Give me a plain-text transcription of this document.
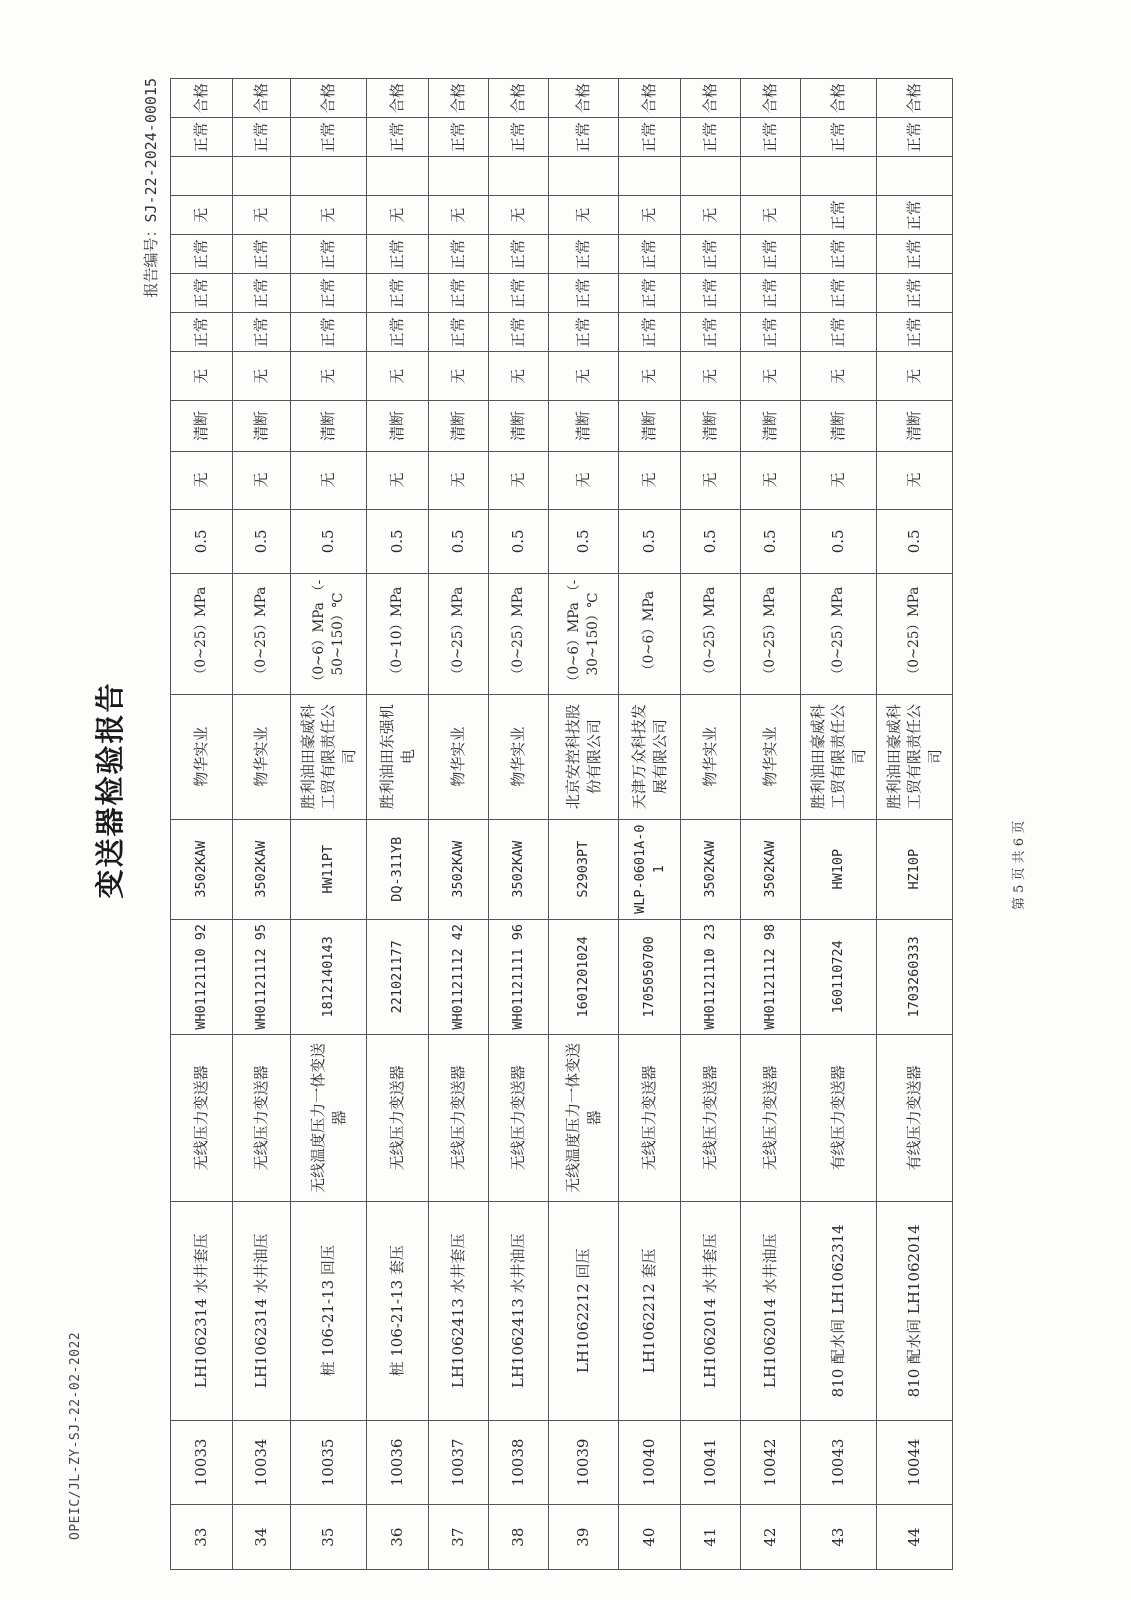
OPEIC/JL-ZY-SJ-22-02-2022
变送器检验报告
报告编号：SJ-22-2024-00015
33	10033	LH1062314 水井套压	无线压力变送器	WH01121110 92	3502KAW	物华实业	（0~25）MPa	0.5	无	清断	无	正常	正常	正常	无		正常	合格
34	10034	LH1062314 水井油压	无线压力变送器	WH01121112 95	3502KAW	物华实业	（0~25）MPa	0.5	无	清断	无	正常	正常	正常	无		正常	合格
35	10035	桩 106-21-13 回压	无线温度压力一体变送器	1812140143	HW11PT	胜利油田豪威科工贸有限责任公司	（0~6）MPa （-50~150）℃	0.5	无	清断	无	正常	正常	正常	无		正常	合格
36	10036	桩 106-21-13 套压	无线压力变送器	221021177	DQ-311YB	胜利油田东强机电	（0~10）MPa	0.5	无	清断	无	正常	正常	正常	无		正常	合格
37	10037	LH1062413 水井套压	无线压力变送器	WH01121112 42	3502KAW	物华实业	（0~25）MPa	0.5	无	清断	无	正常	正常	正常	无		正常	合格
38	10038	LH1062413 水井油压	无线压力变送器	WH01121111 96	3502KAW	物华实业	（0~25）MPa	0.5	无	清断	无	正常	正常	正常	无		正常	合格
39	10039	LH1062212 回压	无线温度压力一体变送器	1601201024	S2903PT	北京安控科技股份有限公司	（0~6）MPa （-30~150）℃	0.5	无	清断	无	正常	正常	正常	无		正常	合格
40	10040	LH1062212 套压	无线压力变送器	1705050700	WLP-0601A-01	天津万众科技发展有限公司	（0~6）MPa	0.5	无	清断	无	正常	正常	正常	无		正常	合格
41	10041	LH1062014 水井套压	无线压力变送器	WH01121110 23	3502KAW	物华实业	（0~25）MPa	0.5	无	清断	无	正常	正常	正常	无		正常	合格
42	10042	LH1062014 水井油压	无线压力变送器	WH01121112 98	3502KAW	物华实业	（0~25）MPa	0.5	无	清断	无	正常	正常	正常	无		正常	合格
43	10043	810 配水间 LH1062314	有线压力变送器	160110724	HW10P	胜利油田豪威科工贸有限责任公司	（0~25）MPa	0.5	无	清断	无	正常	正常	正常	正常		正常	合格
44	10044	810 配水间 LH1062014	有线压力变送器	1703260333	HZ10P	胜利油田豪威科工贸有限责任公司	（0~25）MPa	0.5	无	清断	无	正常	正常	正常	正常		正常	合格
第 5 页 共 6 页
